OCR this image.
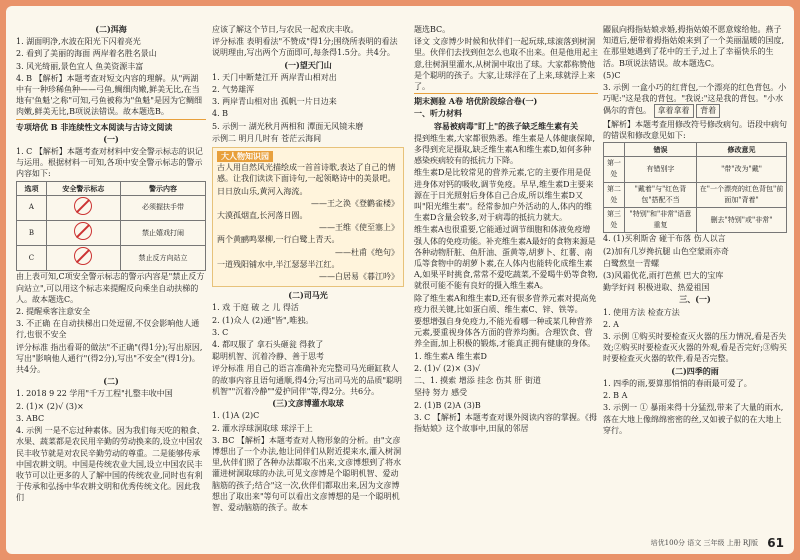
(二)洱海

1. 湖面明净,水波在阳光下闪着亮光

2. 看到了美丽的海面 两岸着名胜名景山

3. 风光绮丽,景色宜人 鱼美资源丰富

4. B 【解析】本题考查对短文内容的理解。从"两湖中有一种珍稀鱼种——弓鱼,鲷细肉嫩,鲜美无比,在当地有'鱼魁'之称"可知,弓鱼被称为"鱼魁"是因为它鲷细肉嫩,鲜美无比,B项说法错误。故本题选B。

专项培优 B 非连续性文本阅读与古诗文阅读

(一)

1. C 【解析】本题考查对材料中安全警示标志的识记与运用。根据材料一可知,各项中安全警示标志的警示内容如下:

选项	安全警示标志	警示内容
A		必须握扶手带
B		禁止嬉戏打闹
C		禁止反方向站立

由上表可知,C项安全警示标志的警示内容是"禁止反方向站立",可以用这个标志来提醒反向乘坐自动扶梯的人。故本题选C。

2. 提醒乘客注意安全

3. 不正确 在自动扶梯出口处逗留,不仅会影响他人通行,也很不安全

评分标准 指出看哥的做法"不正确"(得1分);写出原因,写出"影响他人通行"(得2分),写出"不安全"(得1分)。共4分。

(二)

1. 2018 9 22 学用"千万工程"扎整丰收中国

2. (1)× (2)√ (3)×

3. ABC

4. 示例 一是不忘过种素体。因为我们每天吃的粮食、水果、蔬菜都是农民用辛勤的劳动换来的,设立中国农民丰收节就是对农民辛勤劳动的尊重。二是能够传承中国农耕文明。中国是传统农业大国,设立中国农民丰收节可以让更多的人了解中国的传统农业,同时也有利于传承和弘扬中华农耕文明和优秀传统文化。因此我们

应该了解这个节日,与农民一起欢庆丰收。

评分标准 表明看法"不赞成"得1分;围绕所表明的看法说明理由,写出两个方面即可,每条得1.5分。共4分。

(一)望天门山

1. 天门中断楚江开 两岸青山相对出

2. 气势雄浑

3. 两岸青山相对出 孤帆一片日边来

4. B

5. 示例一 湖光秋月两相和 潭面无风镜未磨

示例二 明月几时有 苍茫云海间

大人物知识园

古人用自然风光描绘成一首首诗歌,表达了自己的情感。让我们读读下面诗句,一起领略诗中的美景吧。

日日放山乐,黄河入海流。

——王之涣《登鹳雀楼》

大漠孤烟直,长河落日圆。

——王维《使至塞上》

两个黄鹂鸣翠柳,一行白鹭上青天。

——杜甫《绝句》

一道残阳铺水中,半江瑟瑟半江红。

——白居易《暮江吟》

(二)司马光

1. 戏 于庭 破 之 儿 得活

2. (1)众人 (2)通"皆",唯独。

3. C

4. 都叹服了 拿石头砸瓮 得救了

聪明机智、沉着冷静、善于思考

评分标准 用自己的语言准确补充完整司马光砸缸救人的故事内容且语句通顺,得4分;写出司马光的品质"聪明机智""沉着冷静""爱护同伴"等,得2分。共6分。

(三)文彦博灌水取球

1. (1)A (2)C

2. 灌水浮球洞取球 球浮于上

3. BC 【解析】本题考查对人物形象的分析。由"文彦博想出了一个办法,他让同伴们从附近提来水,灌入树洞里,伙伴们照了各种办法都取不出来,文彦博想到了将水灌进树洞取球的办法,可见文彦博是个聪明机智、爱动脑筋的孩子;结合"这一次,伙伴们都取出来,因为文彦博想出了取出来"等句可以看出文彦博想的是一个聪明机智、爱动脑筋的孩子。故本

题选BC。

译文 文彦博少时候和伙伴们一起玩球,球滚落到树洞里。伙伴们去找到但怎么也取不出来。但是他用起主意,往树洞里灌水,从树洞中取出了球。大家都称赞他是个聪明的孩子。大家,让球浮在了上来,球就浮上来了。

期末测验 A卷 培优阶段综合卷(一)

一、听力材料

容易被病毒"盯上"的孩子缺乏维生素有关

提到维生素,大家都很熟悉。维生素是人体健康保障,多得到充足摄取,缺乏维生素A和维生素D,如何多种感染疾病较有的抵抗力下降。

维生素D是比较常见的营养元素,它的主要作用是促进身体对钙的吸收,调节免疫。早早,维生素D主要来源在于日光照射后身体自己合成,所以维生素D又叫"阳光维生素"。经常参加户外活动的人,体内的维生素D含量会较多,对于病毒的抵抗力就大。

维生素A也很重要,它能通过调节细胞和体液免疫增强人体的免疫功能。补充维生素A最好的食物来源是各种动物肝脏、鱼肝油、蛋黄等,胡萝卜、红薯、南瓜等食物中的胡萝卜素,在人体内也能转化成维生素A,如果平时挑食,常常不爱吃蔬菜,不爱喝牛奶等食物,就很可能不能有良好的摄入维生素A。

除了维生素A和维生素D,还有很多营养元素对提高免疫力很关键,比如蛋白质、维生素C、锌、铁等。

要想增强自身免疫力,不能光看哪一种或某几种营养元素,要重视身体各方面的营养均衡。合理饮食、营养全面,加上积极的锻炼,才能真正拥有健康的身体。

1. 维生素A 维生素D

2. (1)√ (2)× (3)√

二、1. 摸索 增添 挂念 伤其 肝 街道

坚持 努力 感受

2. (1)B (2)A (3)B

3. C 【解析】本题考查对课外阅读内容的掌握。《拇指姑娘》这个故事中,田鼠的邻居

鼹鼠向拇指姑娘求婚,拇指姑娘不愿意嫁给他。燕子知道后,便带着拇指姑娘来到了一个美丽温暖的国度,在那里她遇到了花中的王子,过上了幸福快乐的生活。B项说法错误。故本题选C。

(5)C

3. 示例 一盒小巧的红背包,一个漂亮的红色背包。小巧呢:"这是我的背包。"我说:"这是我的背包。"小水偶尔的背包。 拿着拿着 背着

【解析】本题考查用修改符号修改病句。语段中病句的错误和修改意见如下:

	错误	修改意见
第一处	有错别字	"带"改为"戴"
第二处	"戴着"与"红色背包"搭配不当	在"一个漂亮的红色背包"前面加"背着"
第三处	"特别"和"非常"语意重复	删去"特别"或"非常"

4. (1)买利斯舍 碰干布落 伤人以言

(2)加有几岁搀抗腿 山色空蒙雨亦奇

白鹭熬皇一青螺

(3)风霜优花,雨打芭蕉 巴大的宝库

勤学好问 积极进取、热爱祖国

三、(一)

1. 使用方法 检查方法

2. A

3. 示例 ①购买时要检查灭火器的压力情况,看是否失效;②购买时要检查灭火器的外观,看是否完好;③购买时要检查灭火器的软件,看是否完整。

(二)四季的雨

1. 四季的雨,要算那悄悄的春雨最可爱了。

2. B A

3. 示例一 ① 暴雨来得十分猛烈,带来了大量的雨水,落在大地上像绵绵密密的丝,又如被子似的在大地上穿行。

培优100分 语文 三年级 上册 RJ版 61
